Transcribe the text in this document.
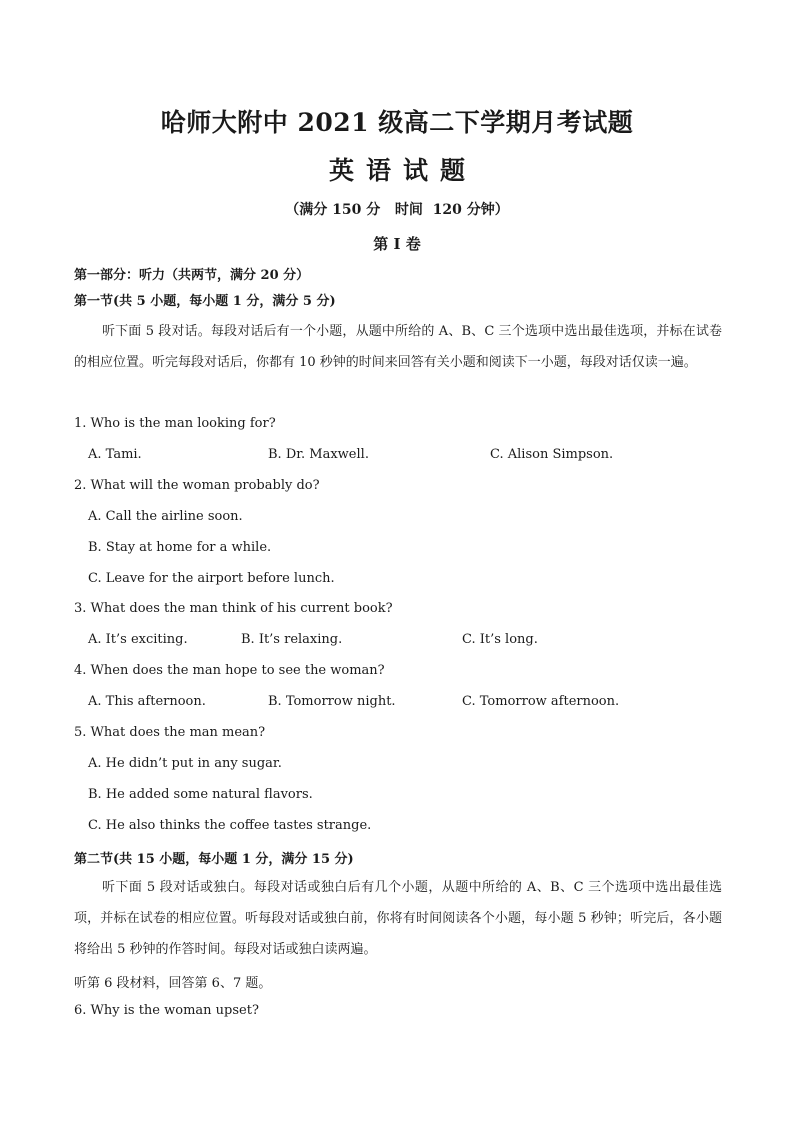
哈师大附中 2021 级高二下学期月考试题
英语试题
（满分 150 分   时间  120 分钟）
第 I 卷
第一部分：听力（共两节，满分 20 分）
第一节(共 5 小题，每小题 1 分，满分 5 分)
听下面 5 段对话。每段对话后有一个小题，从题中所给的 A、B、C 三个选项中选出最佳选项，并标在试卷的相应位置。听完每段对话后，你都有 10 秒钟的时间来回答有关小题和阅读下一小题，每段对话仅读一遍。
1. Who is the man looking for?
A. Tami.	B. Dr. Maxwell.	C. Alison Simpson.
2. What will the woman probably do?
A. Call the airline soon.
B. Stay at home for a while.
C. Leave for the airport before lunch.
3. What does the man think of his current book?
A. It’s exciting.	B. It’s relaxing.	C. It’s long.
4. When does the man hope to see the woman?
A. This afternoon.	B. Tomorrow night.	C. Tomorrow afternoon.
5. What does the man mean?
A. He didn’t put in any sugar.
B. He added some natural flavors.
C. He also thinks the coffee tastes strange.
第二节(共 15 小题，每小题 1 分，满分 15 分)
听下面 5 段对话或独白。每段对话或独白后有几个小题，从题中所给的 A、B、C 三个选项中选出最佳选项，并标在试卷的相应位置。听每段对话或独白前，你将有时间阅读各个小题，每小题 5 秒钟；听完后，各小题将给出 5 秒钟的作答时间。每段对话或独白读两遍。
听第 6 段材料，回答第 6、7 题。
6. Why is the woman upset?
